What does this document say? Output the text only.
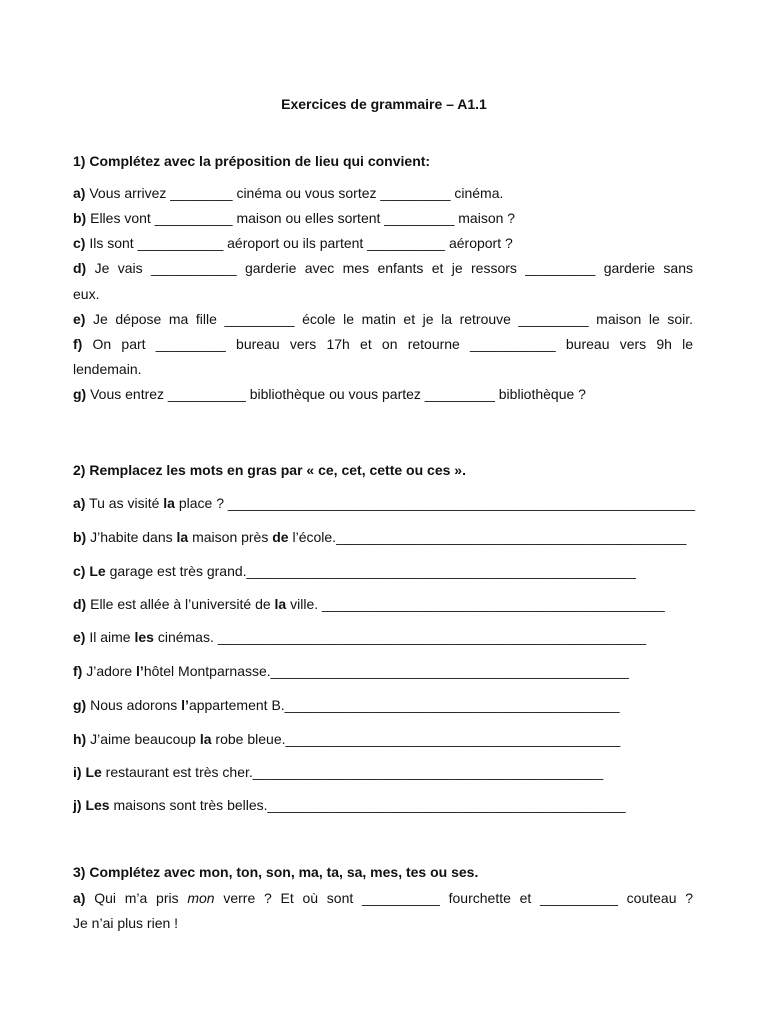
Exercices de grammaire – A1.1
1) Complétez avec la préposition de lieu qui convient:
a) Vous arrivez ________ cinéma ou vous sortez _________ cinéma.
b) Elles vont __________ maison ou elles sortent _________ maison ?
c) Ils sont ___________ aéroport ou ils partent __________ aéroport ?
d) Je vais ___________ garderie avec mes enfants et je ressors _________ garderie sans
eux.
e) Je dépose ma fille _________ école le matin et je la retrouve _________ maison le soir.
f) On part _________ bureau vers 17h et on retourne ___________ bureau vers 9h le
lendemain.
g) Vous entrez __________ bibliothèque ou vous partez _________ bibliothèque ?
2) Remplacez les mots en gras par « ce, cet, cette ou ces ».
a) Tu as visité la place ? ____________________________________________________________
b) J’habite dans la maison près de l’école._____________________________________________
c) Le garage est très grand.__________________________________________________
d) Elle est allée à l’université de la ville. ____________________________________________
e) Il aime les cinémas. _______________________________________________________
f) J’adore l’hôtel Montparnasse.______________________________________________
g) Nous adorons l’appartement B.___________________________________________
h) J’aime beaucoup la robe bleue.___________________________________________
i) Le restaurant est très cher._____________________________________________
j) Les maisons sont très belles.______________________________________________
3) Complétez avec mon, ton, son, ma, ta, sa, mes, tes ou ses.
a) Qui m’a pris mon verre ? Et où sont __________ fourchette et __________ couteau ?
Je n’ai plus rien !
